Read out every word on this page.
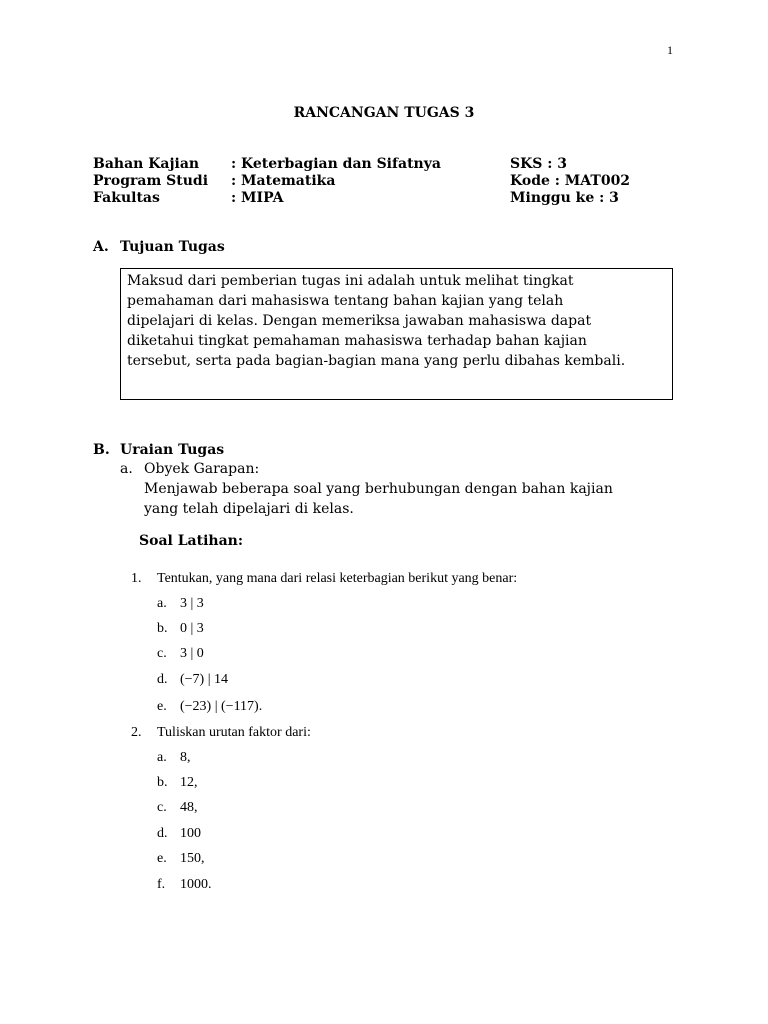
1
RANCANGAN TUGAS 3
Bahan Kajian : Keterbagian dan Sifatnya	SKS : 3
Program Studi : Matematika	Kode : MAT002
Fakultas	: MIPA	Minggu ke : 3
A. Tujuan Tugas

Maksud dari pemberian tugas ini adalah untuk melihat tingkat

pemahaman dari mahasiswa tentang bahan kajian yang telah

dipelajari di kelas. Dengan memeriksa jawaban mahasiswa dapat

diketahui tingkat pemahaman mahasiswa terhadap bahan kajian

tersebut, serta pada bagian-bagian mana yang perlu dibahas kembali.

B. Uraian Tugas
a. Obyek Garapan:
Menjawab beberapa soal yang berhubungan dengan bahan kajian
yang telah dipelajari di kelas.
Soal Latihan:
1. Tentukan, yang mana dari relasi keterbagian berikut yang benar:
a. 3 | 3
b. 0 | 3
c. 3 | 0
d. (−7) | 14
e. (−23) | (−117).
2. Tuliskan urutan faktor dari:
a. 8,
b. 12,
c. 48,
d. 100
e. 150,
f. 1000.
